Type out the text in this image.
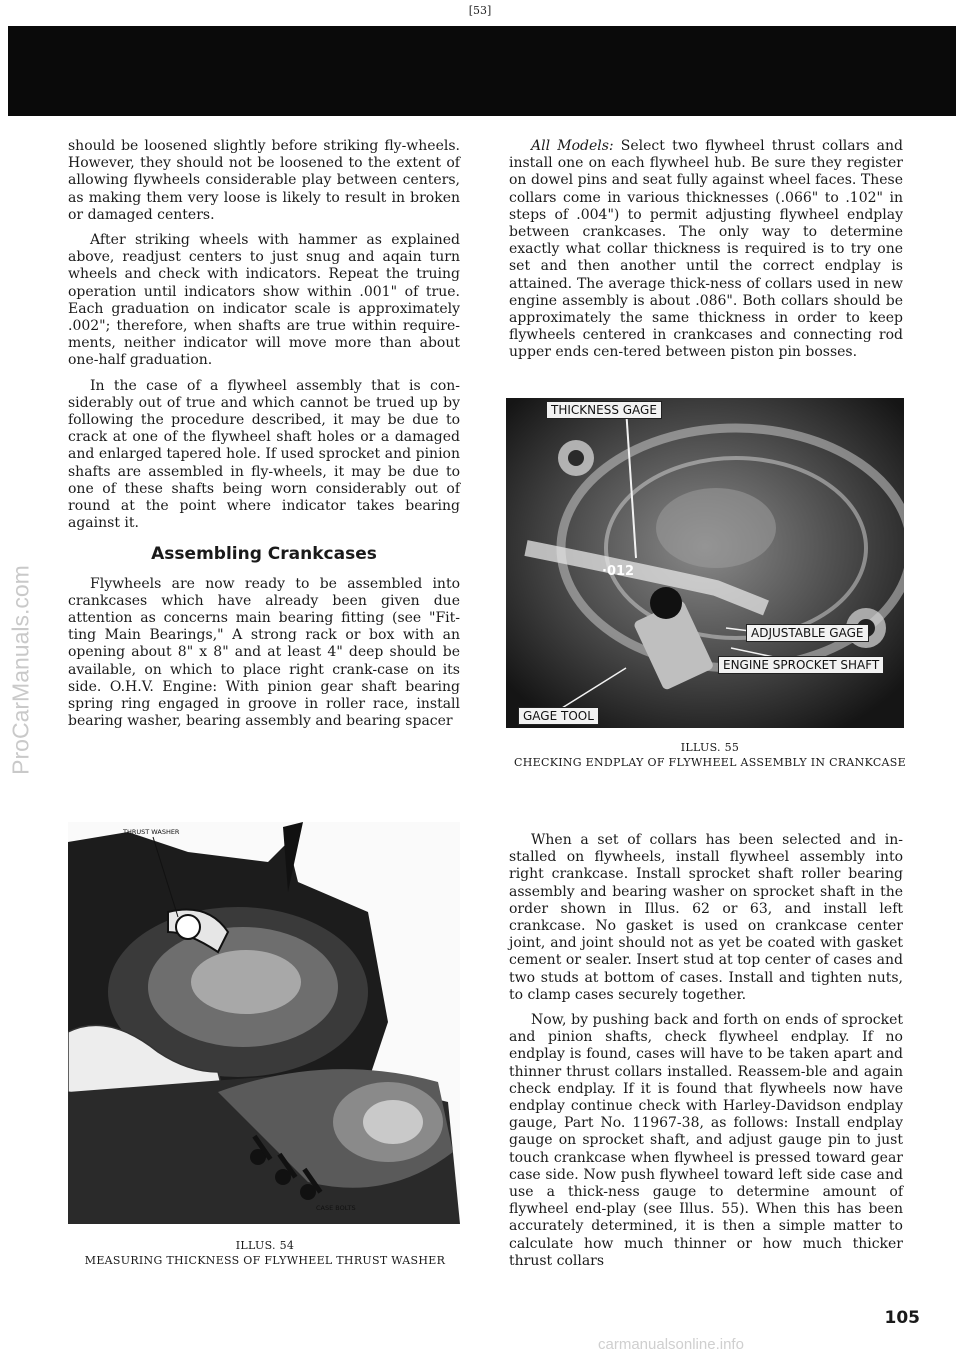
[53]
ProCarManuals.com

should be loosened slightly before striking fly-wheels. However, they should not be loosened to the extent of allowing flywheels considerable play between centers, as making them very loose is likely to result in broken or damaged centers.

After striking wheels with hammer as explained above, readjust centers to just snug and aqain turn wheels and check with indicators. Repeat the truing operation until indicators show within .001" of true. Each graduation on indicator scale is approximately .002"; therefore, when shafts are true within require-ments, neither indicator will move more than about one-half graduation.

In the case of a flywheel assembly that is con-siderably out of true and which cannot be trued up by following the procedure described, it may be due to crack at one of the flywheel shaft holes or a damaged and enlarged tapered hole. If used sprocket and pinion shafts are assembled in fly-wheels, it may be due to one of these shafts being worn considerably out of round at the point where indicator takes bearing against it.

Assembling Crankcases

Flywheels are now ready to be assembled into crankcases which have already been given due attention as concerns main bearing fitting (see "Fit-ting Main Bearings," A strong rack or box with an opening about 8" x 8" and at least 4" deep should be available, on which to place right crank-case on its side. O.H.V. Engine: With pinion gear shaft bearing spring ring engaged in groove in roller race, install bearing washer, bearing assembly and bearing spacer

All Models: Select two flywheel thrust collars and install one on each flywheel hub. Be sure they register on dowel pins and seat fully against wheel faces. These collars come in various thicknesses (.066" to .102" in steps of .004") to permit adjusting flywheel endplay between crankcases. The only way to determine exactly what collar thickness is required is to try one set and then another until the correct endplay is attained. The average thick-ness of collars used in new engine assembly is about .086". Both collars should be approximately the same thickness in order to keep flywheels centered in crankcases and connecting rod upper ends cen-tered between piston pin bosses.

THICKNESS GAGE
·012
ADJUSTABLE GAGE
ENGINE SPROCKET SHAFT
GAGE TOOL
ILLUS. 55
CHECKING ENDPLAY OF FLYWHEEL ASSEMBLY IN CRANKCASE

When a set of collars has been selected and in-stalled on flywheels, install flywheel assembly into right crankcase. Install sprocket shaft roller bearing assembly and bearing washer on sprocket shaft in the order shown in Illus. 62 or 63, and install left crankcase. No gasket is used on crankcase center joint, and joint should not as yet be coated with gasket cement or sealer. Insert stud at top center of cases and two studs at bottom of cases. Install and tighten nuts, to clamp cases securely together.

Now, by pushing back and forth on ends of sprocket and pinion shafts, check flywheel endplay. If no endplay is found, cases will have to be taken apart and thinner thrust collars installed. Reassem-ble and again check endplay. If it is found that flywheels now have endplay continue check with Harley-Davidson endplay gauge, Part No. 11967-38, as follows: Install endplay gauge on sprocket shaft, and adjust gauge pin to just touch crankcase when flywheel is pressed toward gear case side. Now push flywheel toward left side case and use a thick-ness gauge to determine amount of flywheel end-play (see Illus. 55). When this has been accurately determined, it is then a simple matter to calculate how much thinner or how much thicker thrust collars

THRUST WASHER
CASE BOLTS
ILLUS. 54
MEASURING THICKNESS OF FLYWHEEL THRUST WASHER
105
carmanualsonline.info
